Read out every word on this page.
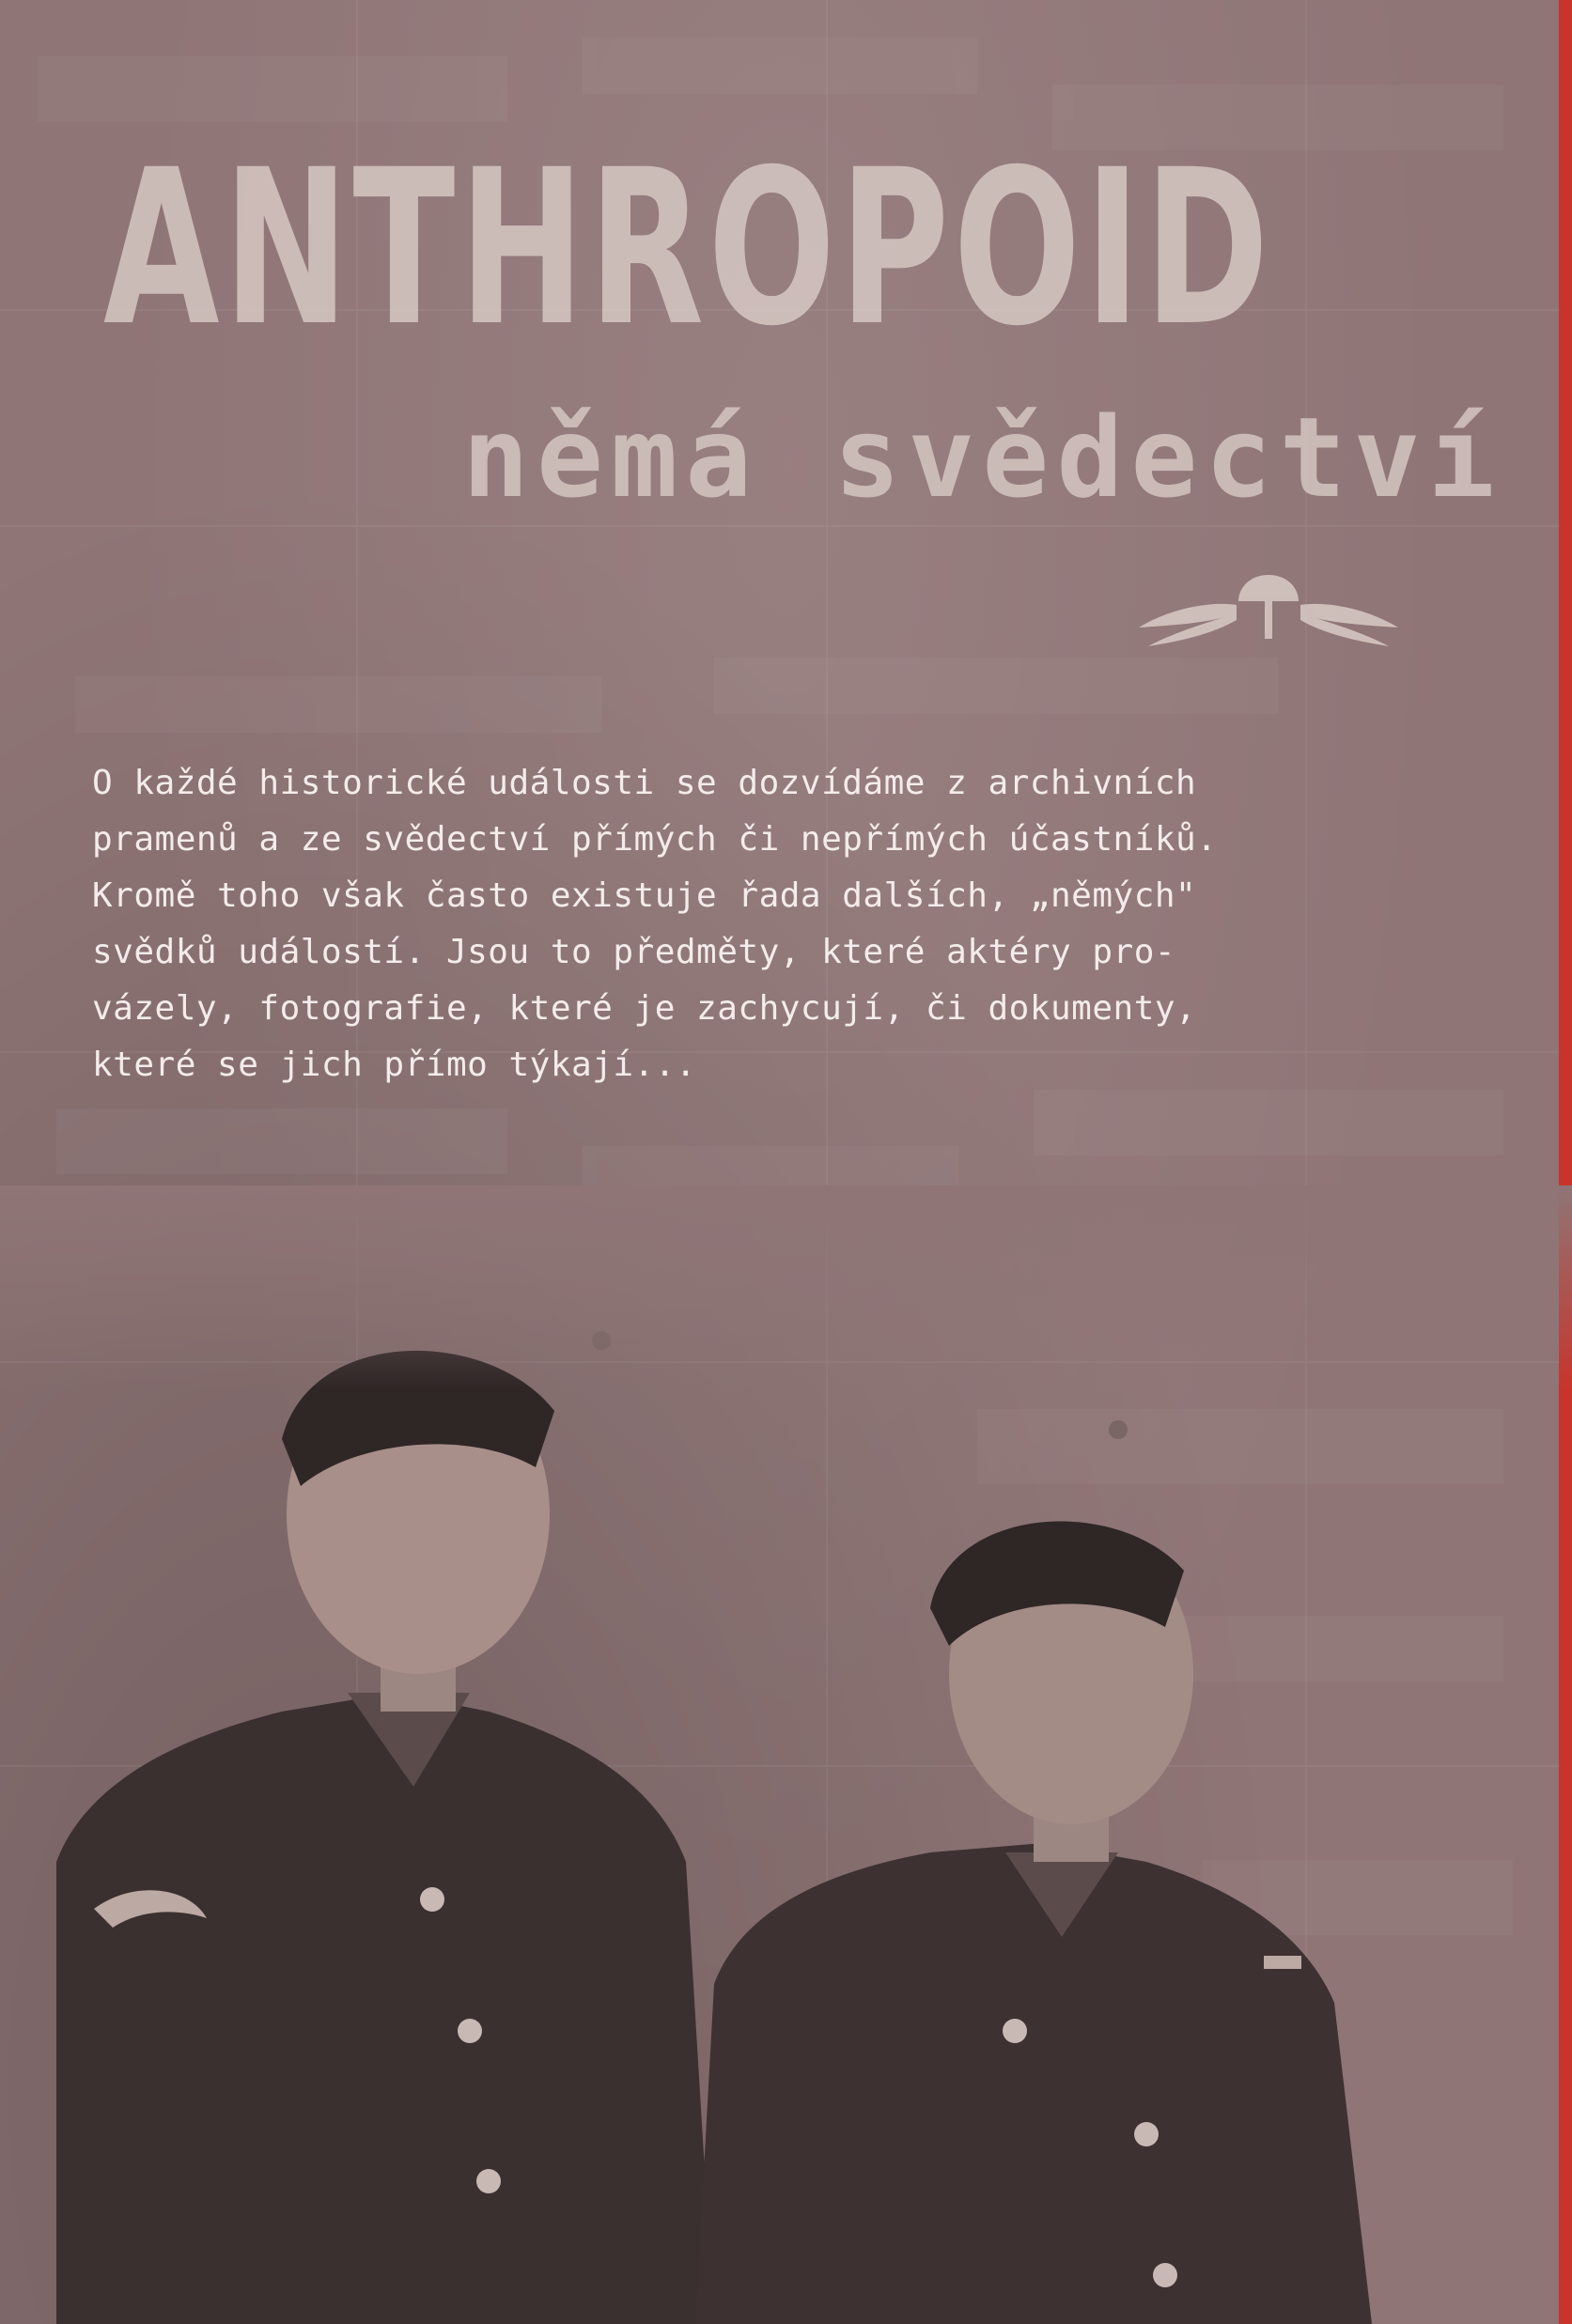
ANTHROPOID
němá svědectví

O každé historické události se dozvídáme z archivních
pramenů a ze svědectví přímých či nepřímých účastníků.
Kromě toho však často existuje řada dalších, „němých"
svědků událostí. Jsou to předměty, které aktéry pro-
vázely, fotografie, které je zachycují, či dokumenty,
které se jich přímo týkají...
